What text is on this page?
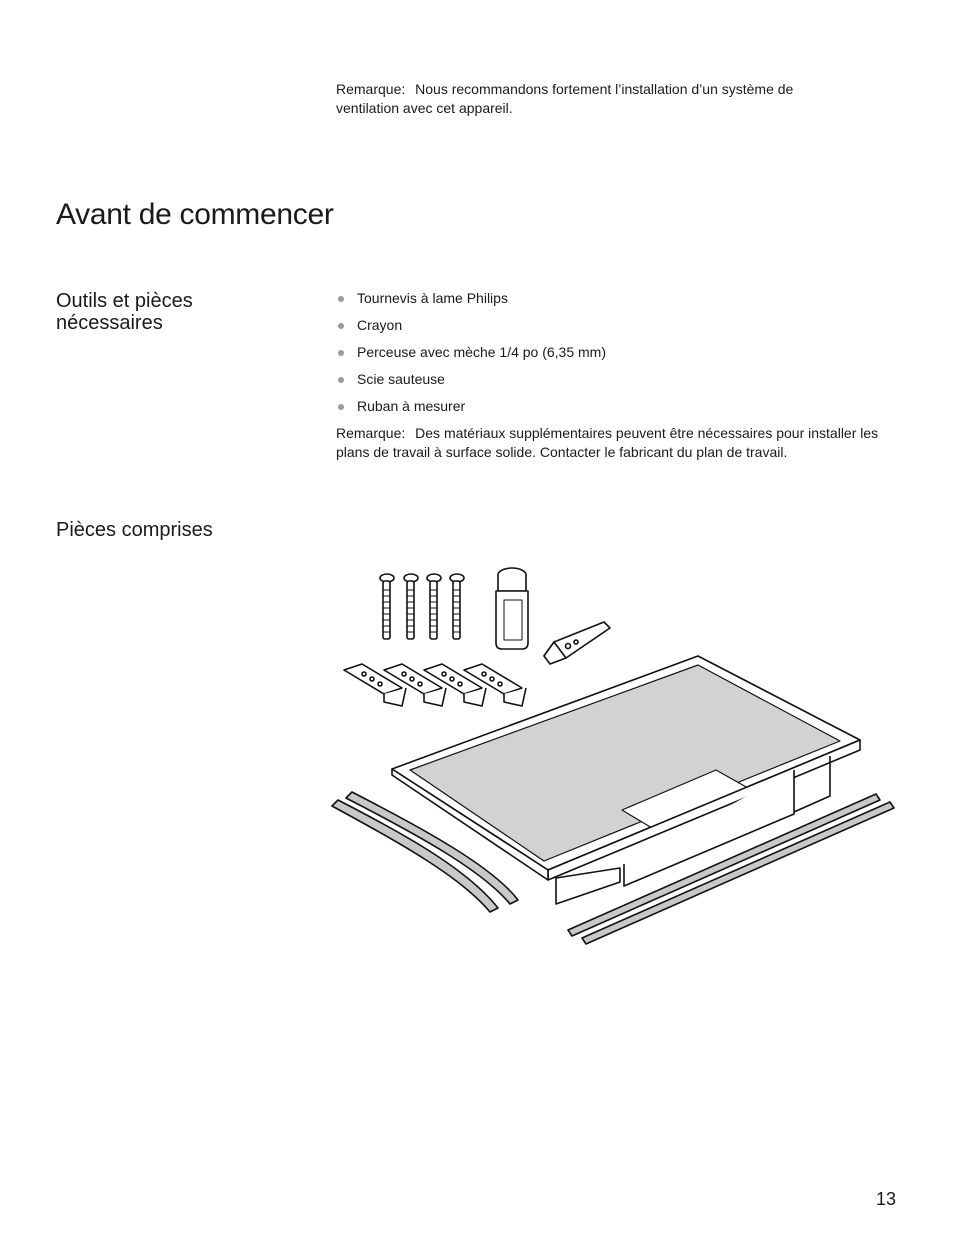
Remarque: Nous recommandons fortement l’installation d’un système de ventilation avec cet appareil.
Avant de commencer
Outils et pièces nécessaires
Tournevis à lame Philips
Crayon
Perceuse avec mèche 1/4 po (6,35 mm)
Scie sauteuse
Ruban à mesurer
Remarque: Des matériaux supplémentaires peuvent être nécessaires pour installer les plans de travail à surface solide. Contacter le fabricant du plan de travail.
Pièces comprises
13
